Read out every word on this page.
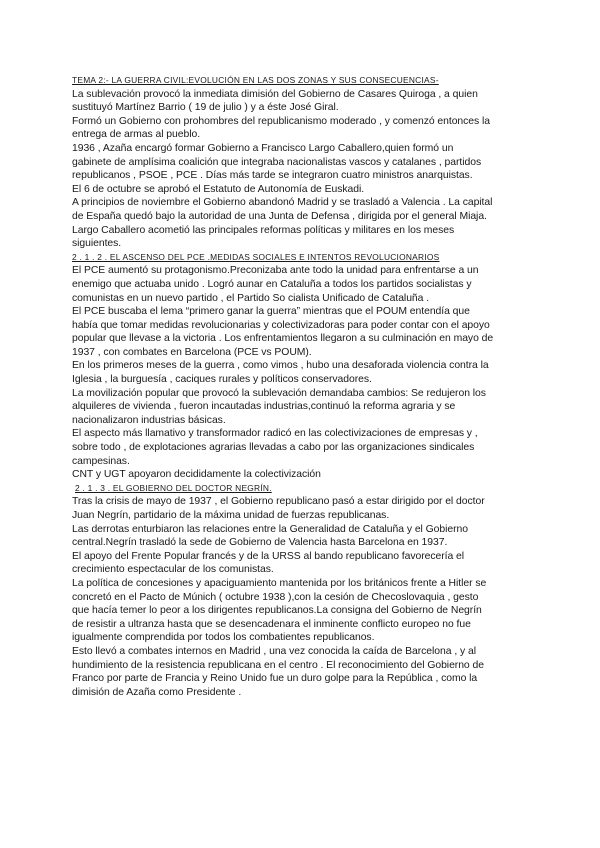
TEMA 2:- LA GUERRA CIVIL:EVOLUCIÓN EN LAS DOS ZONAS Y SUS CONSECUENCIAS-
La sublevación provocó la inmediata dimisión del Gobierno de Casares Quiroga , a quien
sustituyó Martínez Barrio ( 19 de julio ) y a éste José Giral.
Formó un Gobierno con prohombres del republicanismo moderado , y comenzó entonces la
entrega de armas al pueblo.
1936 , Azaña encargó formar Gobierno a Francisco Largo Caballero,quien formó un
gabinete de amplísima coalición que integraba nacionalistas vascos y catalanes , partidos
republicanos , PSOE , PCE . Días más tarde se integraron cuatro ministros anarquistas.
El 6 de octubre se aprobó el Estatuto de Autonomía de Euskadi.
A principios de noviembre el Gobierno abandonó Madrid y se trasladó a Valencia . La capital
de España quedó bajo la autoridad de una Junta de Defensa , dirigida por el general Miaja.
Largo Caballero acometió las principales reformas políticas y militares en los meses
siguientes.
2 . 1 . 2 . EL ASCENSO DEL PCE .MEDIDAS SOCIALES E INTENTOS REVOLUCIONARIOS
El PCE aumentó su protagonismo.Preconizaba ante todo la unidad para enfrentarse a un
enemigo que actuaba unido . Logró aunar en Cataluña a todos los partidos socialistas y
comunistas en un nuevo partido , el Partido So cialista Unificado de Cataluña .
El PCE buscaba el lema “primero ganar la guerra” mientras que el POUM entendía que
había que tomar medidas revolucionarias y colectivizadoras para poder contar con el apoyo
popular que llevase a la victoria . Los enfrentamientos llegaron a su culminación en mayo de
1937 , con combates en Barcelona (PCE vs POUM).
En los primeros meses de la guerra , como vimos , hubo una desaforada violencia contra la
Iglesia , la burguesía , caciques rurales y políticos conservadores.
La movilización popular que provocó la sublevación demandaba cambios: Se redujeron los
alquileres de vivienda , fueron incautadas industrias,continuó la reforma agraria y se
nacionalizaron industrias básicas.
El aspecto más llamativo y transformador radicó en las colectivizaciones de empresas y ,
sobre todo , de explotaciones agrarias llevadas a cabo por las organizaciones sindicales
campesinas.
CNT y UGT apoyaron decididamente la colectivización
2 . 1 . 3 . EL GOBIERNO DEL DOCTOR NEGRÍN.
Tras la crisis de mayo de 1937 , el Gobierno republicano pasó a estar dirigido por el doctor
Juan Negrín, partidario de la máxima unidad de fuerzas republicanas.
Las derrotas enturbiaron las relaciones entre la Generalidad de Cataluña y el Gobierno
central.Negrín trasladó la sede de Gobierno de Valencia hasta Barcelona en 1937.
El apoyo del Frente Popular francés y de la URSS al bando republicano favorecería el
crecimiento espectacular de los comunistas.
La política de concesiones y apaciguamiento mantenida por los británicos frente a Hitler se
concretó en el Pacto de Múnich ( octubre 1938 ),con la cesión de Checoslovaquia , gesto
que hacía temer lo peor a los dirigentes republicanos.La consigna del Gobierno de Negrín
de resistir a ultranza hasta que se desencadenara el inminente conflicto europeo no fue
igualmente comprendida por todos los combatientes republicanos.
Esto llevó a combates internos en Madrid , una vez conocida la caída de Barcelona , y al
hundimiento de la resistencia republicana en el centro . El reconocimiento del Gobierno de
Franco por parte de Francia y Reino Unido fue un duro golpe para la República , como la
dimisión de Azaña como Presidente .
